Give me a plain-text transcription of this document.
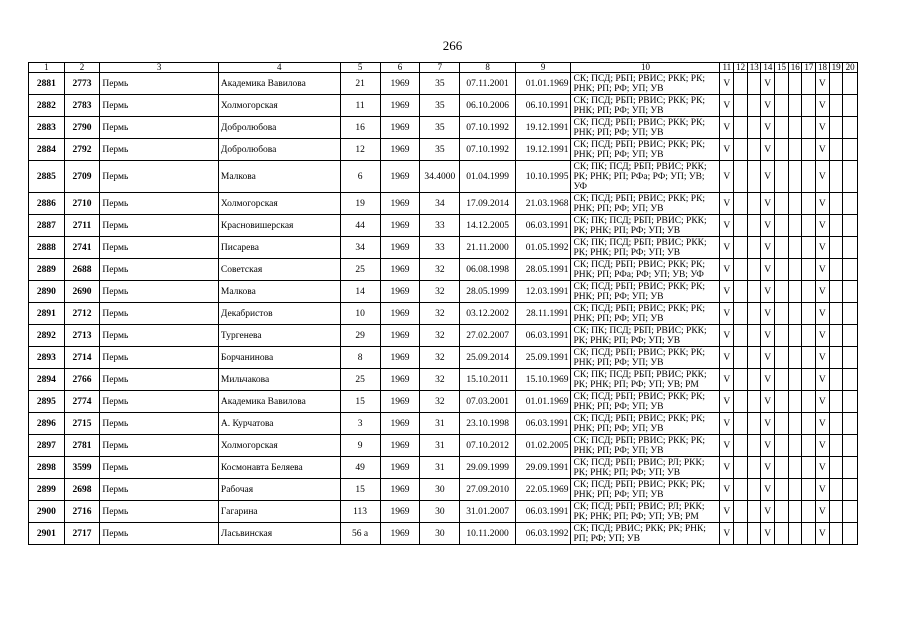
266
1	2	3	4	5	6	7	8	9	10	11	12	13	14	15	16	17	18	19	20
2881	2773	Пермь	Академика Вавилова	21	1969	35	07.11.2001	01.01.1969	СК; ПСД; РБП; РВИС; РКК; РК; РНК; РП; РФ; УП; УВ	V			V				V		
2882	2783	Пермь	Холмогорская	11	1969	35	06.10.2006	06.10.1991	СК; ПСД; РБП; РВИС; РКК; РК; РНК; РП; РФ; УП; УВ	V			V				V		
2883	2790	Пермь	Добролюбова	16	1969	35	07.10.1992	19.12.1991	СК; ПСД; РБП; РВИС; РКК; РК; РНК; РП; РФ; УП; УВ	V			V				V		
2884	2792	Пермь	Добролюбова	12	1969	35	07.10.1992	19.12.1991	СК; ПСД; РБП; РВИС; РКК; РК; РНК; РП; РФ; УП; УВ	V			V				V		
2885	2709	Пермь	Малкова	6	1969	34.4000	01.04.1999	10.10.1995	СК; ПК; ПСД; РБП; РВИС; РКК; РК; РНК; РП; РФа; РФ; УП; УВ; УФ	V			V				V		
2886	2710	Пермь	Холмогорская	19	1969	34	17.09.2014	21.03.1968	СК; ПСД; РБП; РВИС; РКК; РК; РНК; РП; РФ; УП; УВ	V			V				V		
2887	2711	Пермь	Красновишерская	44	1969	33	14.12.2005	06.03.1991	СК; ПК; ПСД; РБП; РВИС; РКК; РК; РНК; РП; РФ; УП; УВ	V			V				V		
2888	2741	Пермь	Писарева	34	1969	33	21.11.2000	01.05.1992	СК; ПК; ПСД; РБП; РВИС; РКК; РК; РНК; РП; РФ; УП; УВ	V			V				V		
2889	2688	Пермь	Советская	25	1969	32	06.08.1998	28.05.1991	СК; ПСД; РБП; РВИС; РКК; РК; РНК; РП; РФа; РФ; УП; УВ; УФ	V			V				V		
2890	2690	Пермь	Малкова	14	1969	32	28.05.1999	12.03.1991	СК; ПСД; РБП; РВИС; РКК; РК; РНК; РП; РФ; УП; УВ	V			V				V		
2891	2712	Пермь	Декабристов	10	1969	32	03.12.2002	28.11.1991	СК; ПСД; РБП; РВИС; РКК; РК; РНК; РП; РФ; УП; УВ	V			V				V		
2892	2713	Пермь	Тургенева	29	1969	32	27.02.2007	06.03.1991	СК; ПК; ПСД; РБП; РВИС; РКК; РК; РНК; РП; РФ; УП; УВ	V			V				V		
2893	2714	Пермь	Борчанинова	8	1969	32	25.09.2014	25.09.1991	СК; ПСД; РБП; РВИС; РКК; РК; РНК; РП; РФ; УП; УВ	V			V				V		
2894	2766	Пермь	Мильчакова	25	1969	32	15.10.2011	15.10.1969	СК; ПК; ПСД; РБП; РВИС; РКК; РК; РНК; РП; РФ; УП; УВ; РМ	V			V				V		
2895	2774	Пермь	Академика Вавилова	15	1969	32	07.03.2001	01.01.1969	СК; ПСД; РБП; РВИС; РКК; РК; РНК; РП; РФ; УП; УВ	V			V				V		
2896	2715	Пермь	А. Курчатова	3	1969	31	23.10.1998	06.03.1991	СК; ПСД; РБП; РВИС; РКК; РК; РНК; РП; РФ; УП; УВ	V			V				V		
2897	2781	Пермь	Холмогорская	9	1969	31	07.10.2012	01.02.2005	СК; ПСД; РБП; РВИС; РКК; РК; РНК; РП; РФ; УП; УВ	V			V				V		
2898	3599	Пермь	Космонавта Беляева	49	1969	31	29.09.1999	29.09.1991	СК; ПСД; РБП; РВИС; РЛ; РКК; РК; РНК; РП; РФ; УП; УВ	V			V				V		
2899	2698	Пермь	Рабочая	15	1969	30	27.09.2010	22.05.1969	СК; ПСД; РБП; РВИС; РКК; РК; РНК; РП; РФ; УП; УВ	V			V				V		
2900	2716	Пермь	Гагарина	113	1969	30	31.01.2007	06.03.1991	СК; ПСД; РБП; РВИС; РЛ; РКК; РК; РНК; РП; РФ; УП; УВ; РМ	V			V				V		
2901	2717	Пермь	Ласьвинская	56 а	1969	30	10.11.2000	06.03.1992	СК; ПСД; РВИС; РКК; РК; РНК; РП; РФ; УП; УВ	V			V				V		
